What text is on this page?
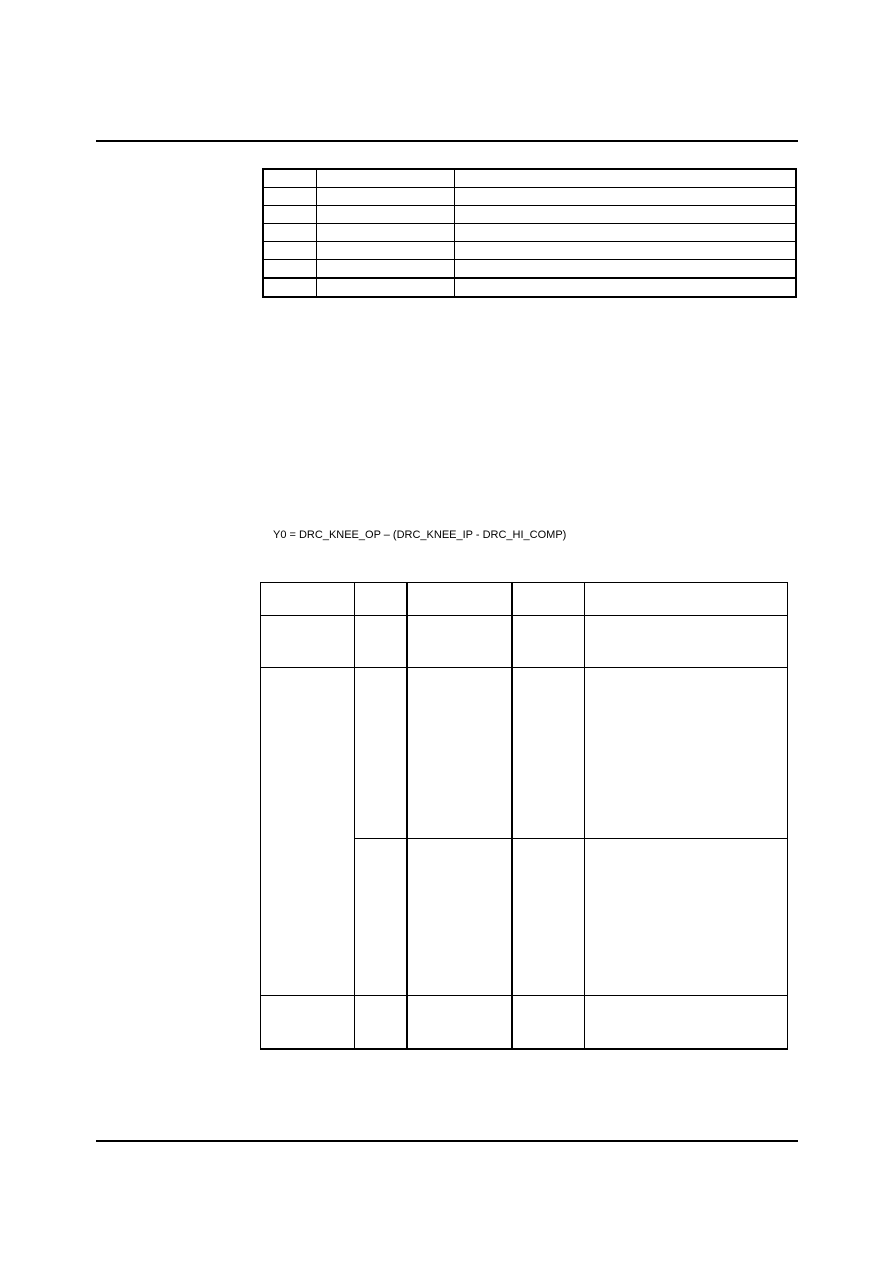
Y0 = DRC_KNEE_OP – (DRC_KNEE_IP - DRC_HI_COMP)
